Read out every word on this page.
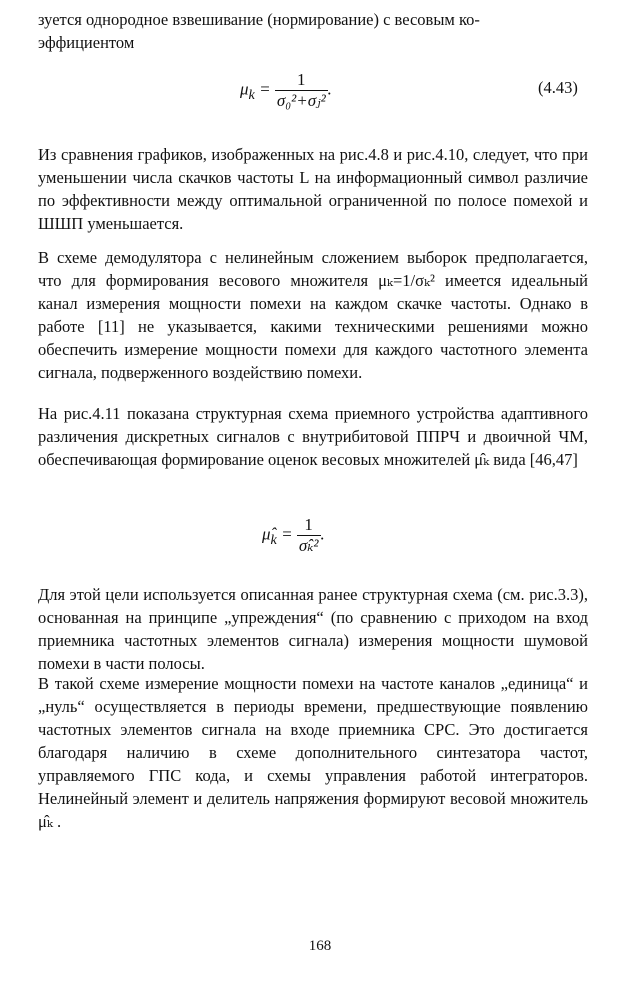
зуется однородное взвешивание (нормирование) с весовым ко-
эффициентом
$\mu_k = \frac{1}{\text{σ₀²+σⱼ²}}$ .	(4.43)

Из сравнения графиков, изображенных на рис.4.8 и рис.4.10, следует, что при уменьшении числа скачков частоты L на информационный символ различие по эффективности между оптимальной ограниченной по полосе помехой и ШШП уменьшается.

В схеме демодулятора с нелинейным сложением выборок предполагается, что для формирования весового множителя μₖ=1/σₖ² имеется идеальный канал измерения мощности помехи на каждом скачке частоты. Однако в работе [11] не указывается, какими техническими решениями можно обеспечить измерение мощности помехи для каждого частотного элемента сигнала, подверженного воздействию помехи.

На рис.4.11 показана структурная схема приемного устройства адаптивного различения дискретных сигналов с внутрибитовой ППРЧ и двоичной ЧМ, обеспечивающая формирование оценок весовых множителей μ̂ₖ вида [46,47]

$\mû_k = \frac{1}{\text{σ̂ₖ²}}$ .

Для этой цели используется описанная ранее структурная схема (см. рис.3.3), основанная на принципе „упреждения“ (по сравнению с приходом на вход приемника частотных элементов сигнала) измерения мощности шумовой помехи в части полосы.

В такой схеме измерение мощности помехи на частоте каналов „единица“ и „нуль“ осуществляется в периоды времени, предшествующие появлению частотных элементов сигнала на входе приемника СРС. Это достигается благодаря наличию в схеме дополнительного синтезатора частот, управляемого ГПС кода, и схемы управления работой интеграторов. Нелинейный элемент и делитель напряжения формируют весовой множитель μ̂ₖ .

168
